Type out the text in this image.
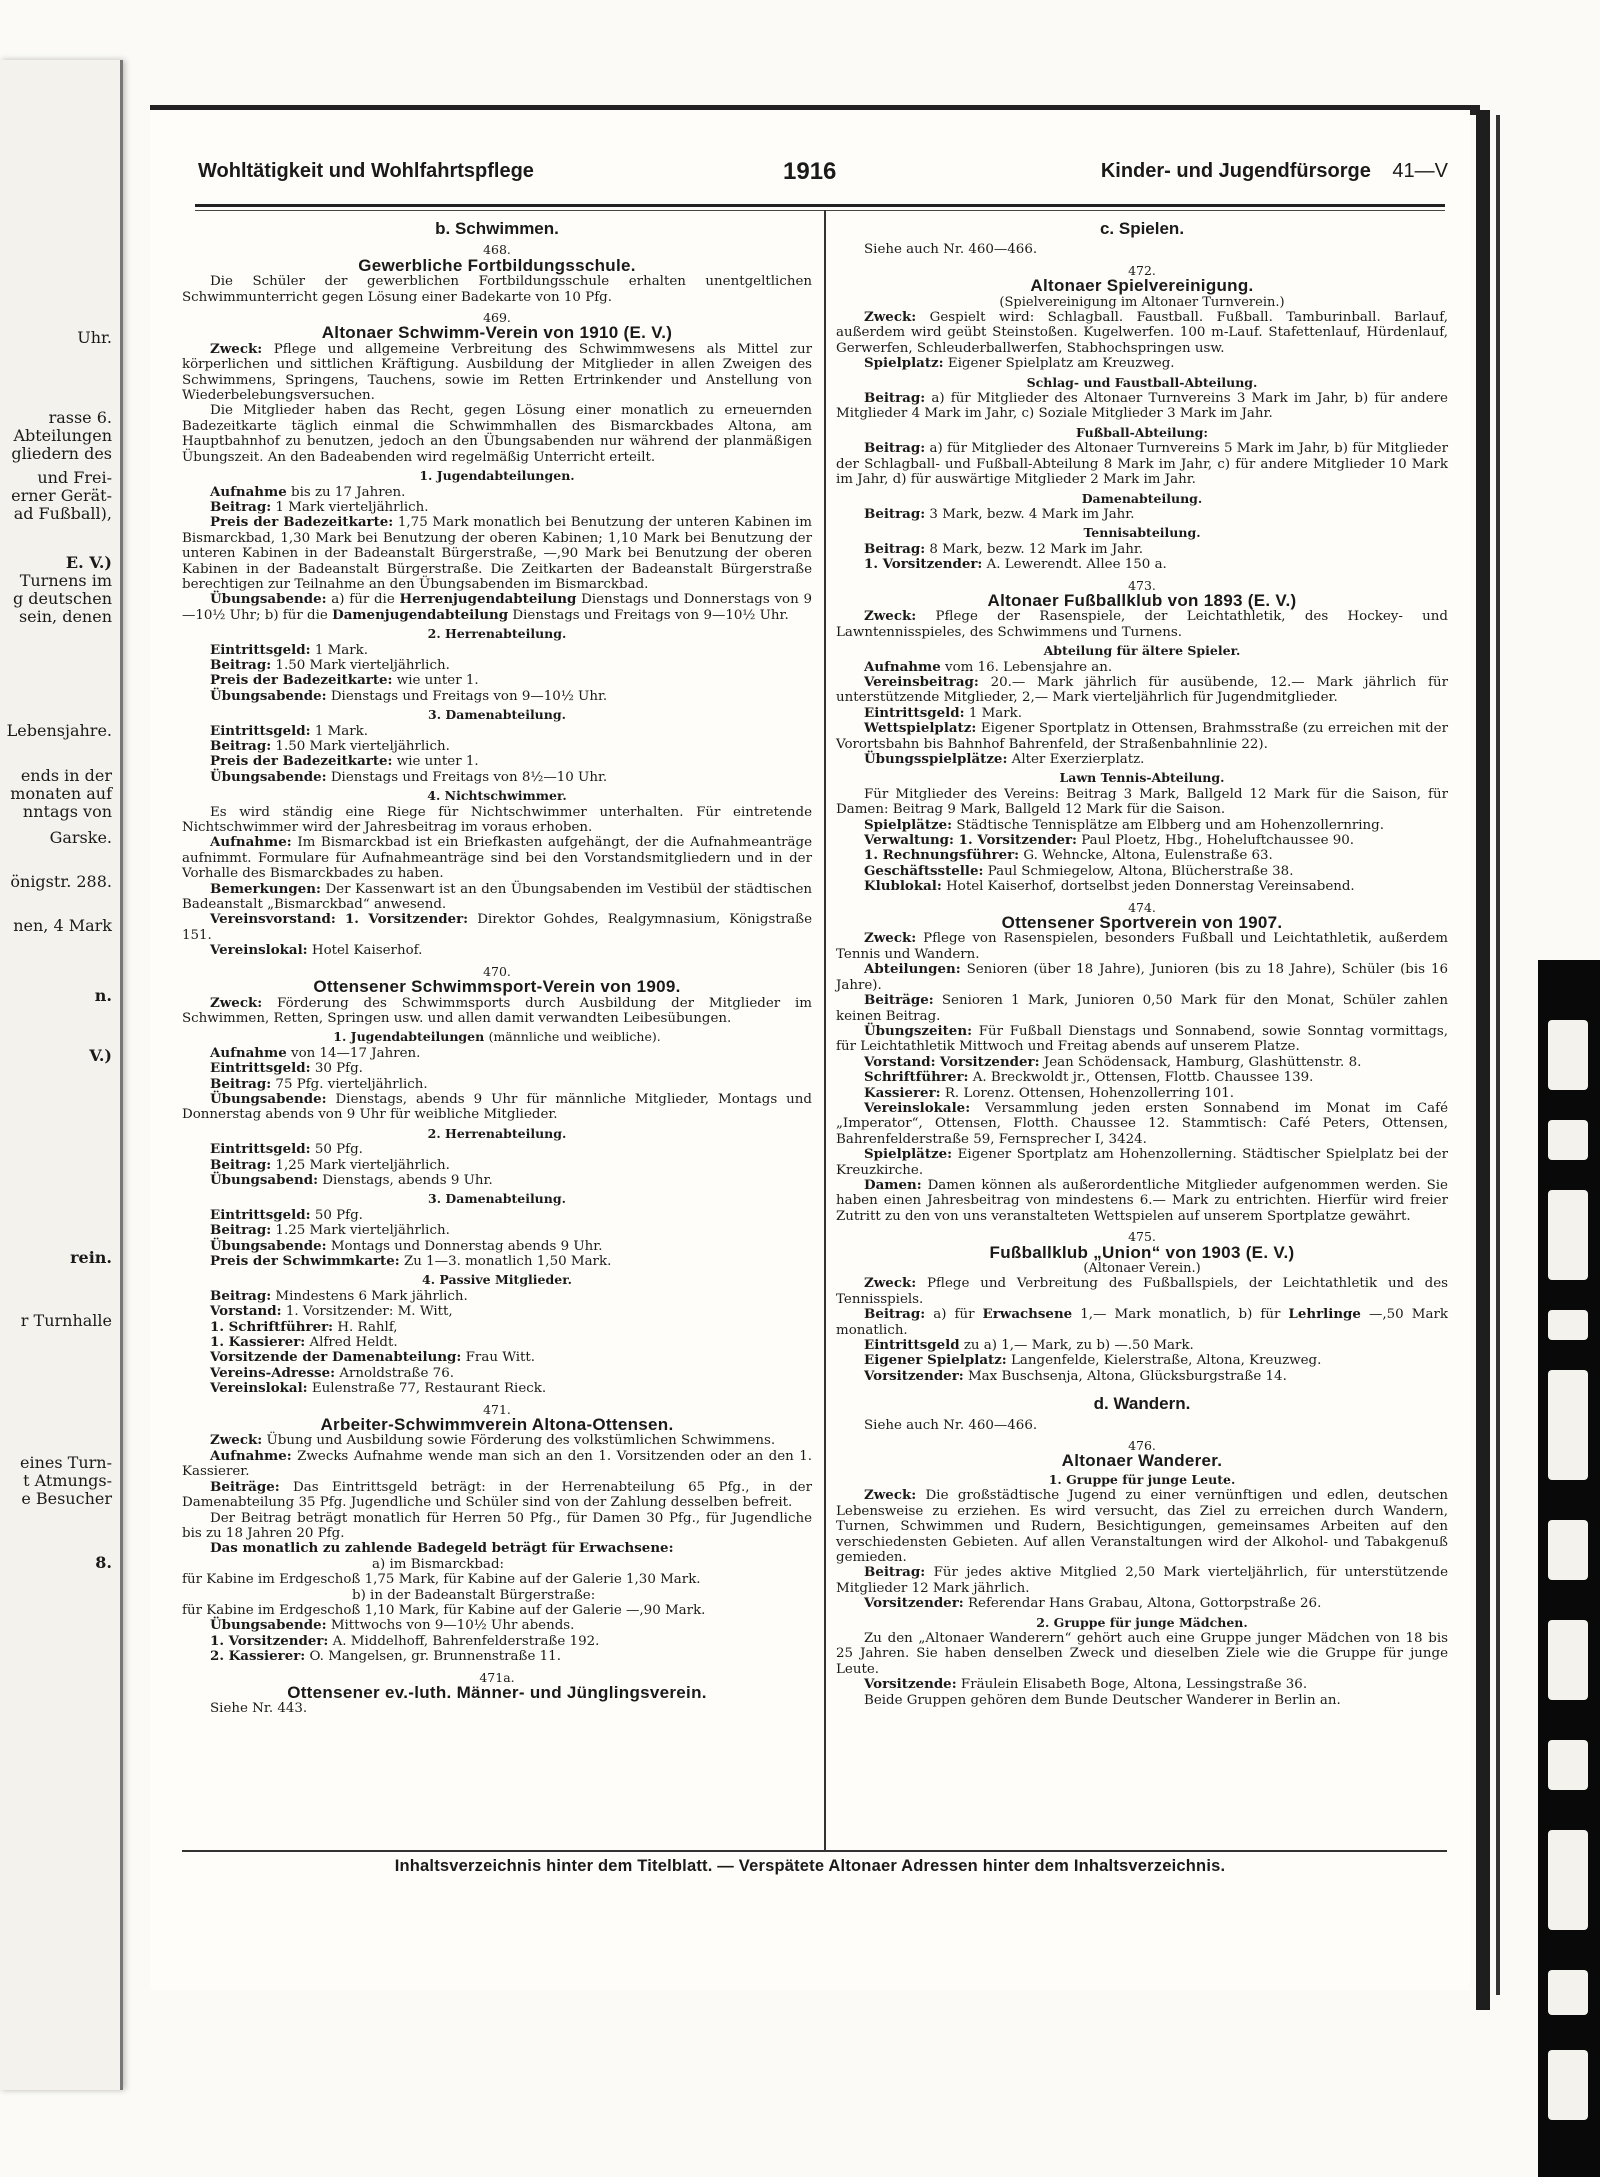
Uhr.
rasse 6.
Abteilungen
gliedern des
und Frei-
erner Gerät-
ad Fußball),
E. V.)
Turnens im
g deutschen
sein, denen
Lebensjahre.
ends in der
monaten auf
nntags von
Garske.
önigstr. 288.
nen, 4 Mark
n.
V.)
rein.
r Turnhalle
eines Turn-
t Atmungs-
e Besucher
8.
Wohltätigkeit und Wohlfahrtspflege	1916	Kinder- und Jugendfürsorge 41—V
b. Schwimmen.
468.
Gewerbliche Fortbildungsschule.

Die Schüler der gewerblichen Fortbildungsschule erhalten unentgeltlichen Schwimmunterricht gegen Lösung einer Badekarte von 10 Pfg.

469.
Altonaer Schwimm-Verein von 1910 (E. V.)

Zweck: Pflege und allgemeine Verbreitung des Schwimmwesens als Mittel zur körperlichen und sittlichen Kräftigung. Ausbildung der Mitglieder in allen Zweigen des Schwimmens, Springens, Tauchens, sowie im Retten Ertrinkender und Anstellung von Wiederbelebungsversuchen.

Die Mitglieder haben das Recht, gegen Lösung einer monatlich zu erneuernden Badezeitkarte täglich einmal die Schwimmhallen des Bismarckbades Altona, am Hauptbahnhof zu benutzen, jedoch an den Übungsabenden nur während der planmäßigen Übungszeit. An den Badeabenden wird regelmäßig Unterricht erteilt.

1. Jugendabteilungen.

Aufnahme bis zu 17 Jahren.

Beitrag: 1 Mark vierteljährlich.

Preis der Badezeitkarte: 1,75 Mark monatlich bei Benutzung der unteren Kabinen im Bismarckbad, 1,30 Mark bei Benutzung der oberen Kabinen; 1,10 Mark bei Benutzung der unteren Kabinen in der Badeanstalt Bürgerstraße, —,90 Mark bei Benutzung der oberen Kabinen in der Badeanstalt Bürgerstraße. Die Zeitkarten der Badeanstalt Bürgerstraße berechtigen zur Teilnahme an den Übungsabenden im Bismarckbad.

Übungsabende: a) für die Herrenjugendabteilung Dienstags und Donnerstags von 9—10½ Uhr; b) für die Damenjugendabteilung Dienstags und Freitags von 9—10½ Uhr.

2. Herrenabteilung.

Eintrittsgeld: 1 Mark.

Beitrag: 1.50 Mark vierteljährlich.

Preis der Badezeitkarte: wie unter 1.

Übungsabende: Dienstags und Freitags von 9—10½ Uhr.

3. Damenabteilung.

Eintrittsgeld: 1 Mark.

Beitrag: 1.50 Mark vierteljährlich.

Preis der Badezeitkarte: wie unter 1.

Übungsabende: Dienstags und Freitags von 8½—10 Uhr.

4. Nichtschwimmer.

Es wird ständig eine Riege für Nichtschwimmer unterhalten. Für eintretende Nichtschwimmer wird der Jahresbeitrag im voraus erhoben.

Aufnahme: Im Bismarckbad ist ein Briefkasten aufgehängt, der die Aufnahmeanträge aufnimmt. Formulare für Aufnahmeanträge sind bei den Vorstandsmitgliedern und in der Vorhalle des Bismarckbades zu haben.

Bemerkungen: Der Kassenwart ist an den Übungsabenden im Vestibül der städtischen Badeanstalt „Bismarckbad“ anwesend.

Vereinsvorstand: 1. Vorsitzender: Direktor Gohdes, Realgymnasium, Königstraße 151.

Vereinslokal: Hotel Kaiserhof.

470.
Ottensener Schwimmsport-Verein von 1909.

Zweck: Förderung des Schwimmsports durch Ausbildung der Mitglieder im Schwimmen, Retten, Springen usw. und allen damit verwandten Leibesübungen.

1. Jugendabteilungen (männliche und weibliche).

Aufnahme von 14—17 Jahren.

Eintrittsgeld: 30 Pfg.

Beitrag: 75 Pfg. vierteljährlich.

Übungsabende: Dienstags, abends 9 Uhr für männliche Mitglieder, Montags und Donnerstag abends von 9 Uhr für weibliche Mitglieder.

2. Herrenabteilung.

Eintrittsgeld: 50 Pfg.

Beitrag: 1,25 Mark vierteljährlich.

Übungsabend: Dienstags, abends 9 Uhr.

3. Damenabteilung.

Eintrittsgeld: 50 Pfg.

Beitrag: 1.25 Mark vierteljährlich.

Übungsabende: Montags und Donnerstag abends 9 Uhr.

Preis der Schwimmkarte: Zu 1—3. monatlich 1,50 Mark.

4. Passive Mitglieder.

Beitrag: Mindestens 6 Mark jährlich.

Vorstand: 1. Vorsitzender: M. Witt,

1. Schriftführer: H. Rahlf,

1. Kassierer: Alfred Heldt.

Vorsitzende der Damenabteilung: Frau Witt.

Vereins-Adresse: Arnoldstraße 76.

Vereinslokal: Eulenstraße 77, Restaurant Rieck.

471.
Arbeiter-Schwimmverein Altona-Ottensen.

Zweck: Übung und Ausbildung sowie Förderung des volkstümlichen Schwimmens.

Aufnahme: Zwecks Aufnahme wende man sich an den 1. Vorsitzenden oder an den 1. Kassierer.

Beiträge: Das Eintrittsgeld beträgt: in der Herrenabteilung 65 Pfg., in der Damenabteilung 35 Pfg. Jugendliche und Schüler sind von der Zahlung desselben befreit.

Der Beitrag beträgt monatlich für Herren 50 Pfg., für Damen 30 Pfg., für Jugendliche bis zu 18 Jahren 20 Pfg.

Das monatlich zu zahlende Badegeld beträgt für Erwachsene:

a) im Bismarckbad:

für Kabine im Erdgeschoß 1,75 Mark, für Kabine auf der Galerie 1,30 Mark.

b) in der Badeanstalt Bürgerstraße:

für Kabine im Erdgeschoß 1,10 Mark, für Kabine auf der Galerie —,90 Mark.

Übungsabende: Mittwochs von 9—10½ Uhr abends.

1. Vorsitzender: A. Middelhoff, Bahrenfelderstraße 192.

2. Kassierer: O. Mangelsen, gr. Brunnenstraße 11.

471a.
Ottensener ev.-luth. Männer- und Jünglingsverein.

Siehe Nr. 443.

c. Spielen.

Siehe auch Nr. 460—466.

472.
Altonaer Spielvereinigung.
(Spielvereinigung im Altonaer Turnverein.)

Zweck: Gespielt wird: Schlagball. Faustball. Fußball. Tamburinball. Barlauf, außerdem wird geübt Steinstoßen. Kugelwerfen. 100 m-Lauf. Stafettenlauf, Hürdenlauf, Gerwerfen, Schleuderballwerfen, Stabhochspringen usw.

Spielplatz: Eigener Spielplatz am Kreuzweg.

Schlag- und Faustball-Abteilung.

Beitrag: a) für Mitglieder des Altonaer Turnvereins 3 Mark im Jahr, b) für andere Mitglieder 4 Mark im Jahr, c) Soziale Mitglieder 3 Mark im Jahr.

Fußball-Abteilung:

Beitrag: a) für Mitglieder des Altonaer Turnvereins 5 Mark im Jahr, b) für Mitglieder der Schlagball- und Fußball-Abteilung 8 Mark im Jahr, c) für andere Mitglieder 10 Mark im Jahr, d) für auswärtige Mitglieder 2 Mark im Jahr.

Damenabteilung.

Beitrag: 3 Mark, bezw. 4 Mark im Jahr.

Tennisabteilung.

Beitrag: 8 Mark, bezw. 12 Mark im Jahr.

1. Vorsitzender: A. Lewerendt. Allee 150 a.

473.
Altonaer Fußballklub von 1893 (E. V.)

Zweck: Pflege der Rasenspiele, der Leichtathletik, des Hockey- und Lawntennisspieles, des Schwimmens und Turnens.

Abteilung für ältere Spieler.

Aufnahme vom 16. Lebensjahre an.

Vereinsbeitrag: 20.— Mark jährlich für ausübende, 12.— Mark jährlich für unterstützende Mitglieder, 2,— Mark vierteljährlich für Jugendmitglieder.

Eintrittsgeld: 1 Mark.

Wettspielplatz: Eigener Sportplatz in Ottensen, Brahmsstraße (zu erreichen mit der Vorortsbahn bis Bahnhof Bahrenfeld, der Straßenbahnlinie 22).

Übungsspielplätze: Alter Exerzierplatz.

Lawn Tennis-Abteilung.

Für Mitglieder des Vereins: Beitrag 3 Mark, Ballgeld 12 Mark für die Saison, für Damen: Beitrag 9 Mark, Ballgeld 12 Mark für die Saison.

Spielplätze: Städtische Tennisplätze am Elbberg und am Hohenzollernring.

Verwaltung: 1. Vorsitzender: Paul Ploetz, Hbg., Hoheluftchaussee 90.

1. Rechnungsführer: G. Wehncke, Altona, Eulenstraße 63.

Geschäftsstelle: Paul Schmiegelow, Altona, Blücherstraße 38.

Klublokal: Hotel Kaiserhof, dortselbst jeden Donnerstag Vereinsabend.

474.
Ottensener Sportverein von 1907.

Zweck: Pflege von Rasenspielen, besonders Fußball und Leichtathletik, außerdem Tennis und Wandern.

Abteilungen: Senioren (über 18 Jahre), Junioren (bis zu 18 Jahre), Schüler (bis 16 Jahre).

Beiträge: Senioren 1 Mark, Junioren 0,50 Mark für den Monat, Schüler zahlen keinen Beitrag.

Übungszeiten: Für Fußball Dienstags und Sonnabend, sowie Sonntag vormittags, für Leichtathletik Mittwoch und Freitag abends auf unserem Platze.

Vorstand: Vorsitzender: Jean Schödensack, Hamburg, Glashüttenstr. 8.

Schriftführer: A. Breckwoldt jr., Ottensen, Flottb. Chaussee 139.

Kassierer: R. Lorenz. Ottensen, Hohenzollerring 101.

Vereinslokale: Versammlung jeden ersten Sonnabend im Monat im Café „Imperator“, Ottensen, Flotth. Chaussee 12. Stammtisch: Café Peters, Ottensen, Bahrenfelderstraße 59, Fernsprecher I, 3424.

Spielplätze: Eigener Sportplatz am Hohenzollerning. Städtischer Spielplatz bei der Kreuzkirche.

Damen: Damen können als außerordentliche Mitglieder aufgenommen werden. Sie haben einen Jahresbeitrag von mindestens 6.— Mark zu entrichten. Hierfür wird freier Zutritt zu den von uns veranstalteten Wettspielen auf unserem Sportplatze gewährt.

475.
Fußballklub „Union“ von 1903 (E. V.)
(Altonaer Verein.)

Zweck: Pflege und Verbreitung des Fußballspiels, der Leichtathletik und des Tennisspiels.

Beitrag: a) für Erwachsene 1,— Mark monatlich, b) für Lehrlinge —,50 Mark monatlich.

Eintrittsgeld zu a) 1,— Mark, zu b) —.50 Mark.

Eigener Spielplatz: Langenfelde, Kielerstraße, Altona, Kreuzweg.

Vorsitzender: Max Buschsenja, Altona, Glücksburgstraße 14.

d. Wandern.

Siehe auch Nr. 460—466.

476.
Altonaer Wanderer.
1. Gruppe für junge Leute.

Zweck: Die großstädtische Jugend zu einer vernünftigen und edlen, deutschen Lebensweise zu erziehen. Es wird versucht, das Ziel zu erreichen durch Wandern, Turnen, Schwimmen und Rudern, Besichtigungen, gemeinsames Arbeiten auf den verschiedensten Gebieten. Auf allen Veranstaltungen wird der Alkohol- und Tabakgenuß gemieden.

Beitrag: Für jedes aktive Mitglied 2,50 Mark vierteljährlich, für unterstützende Mitglieder 12 Mark jährlich.

Vorsitzender: Referendar Hans Grabau, Altona, Gottorpstraße 26.

2. Gruppe für junge Mädchen.

Zu den „Altonaer Wanderern“ gehört auch eine Gruppe junger Mädchen von 18 bis 25 Jahren. Sie haben denselben Zweck und dieselben Ziele wie die Gruppe für junge Leute.

Vorsitzende: Fräulein Elisabeth Boge, Altona, Lessingstraße 36.

Beide Gruppen gehören dem Bunde Deutscher Wanderer in Berlin an.

Inhaltsverzeichnis hinter dem Titelblatt. — Verspätete Altonaer Adressen hinter dem Inhaltsverzeichnis.
